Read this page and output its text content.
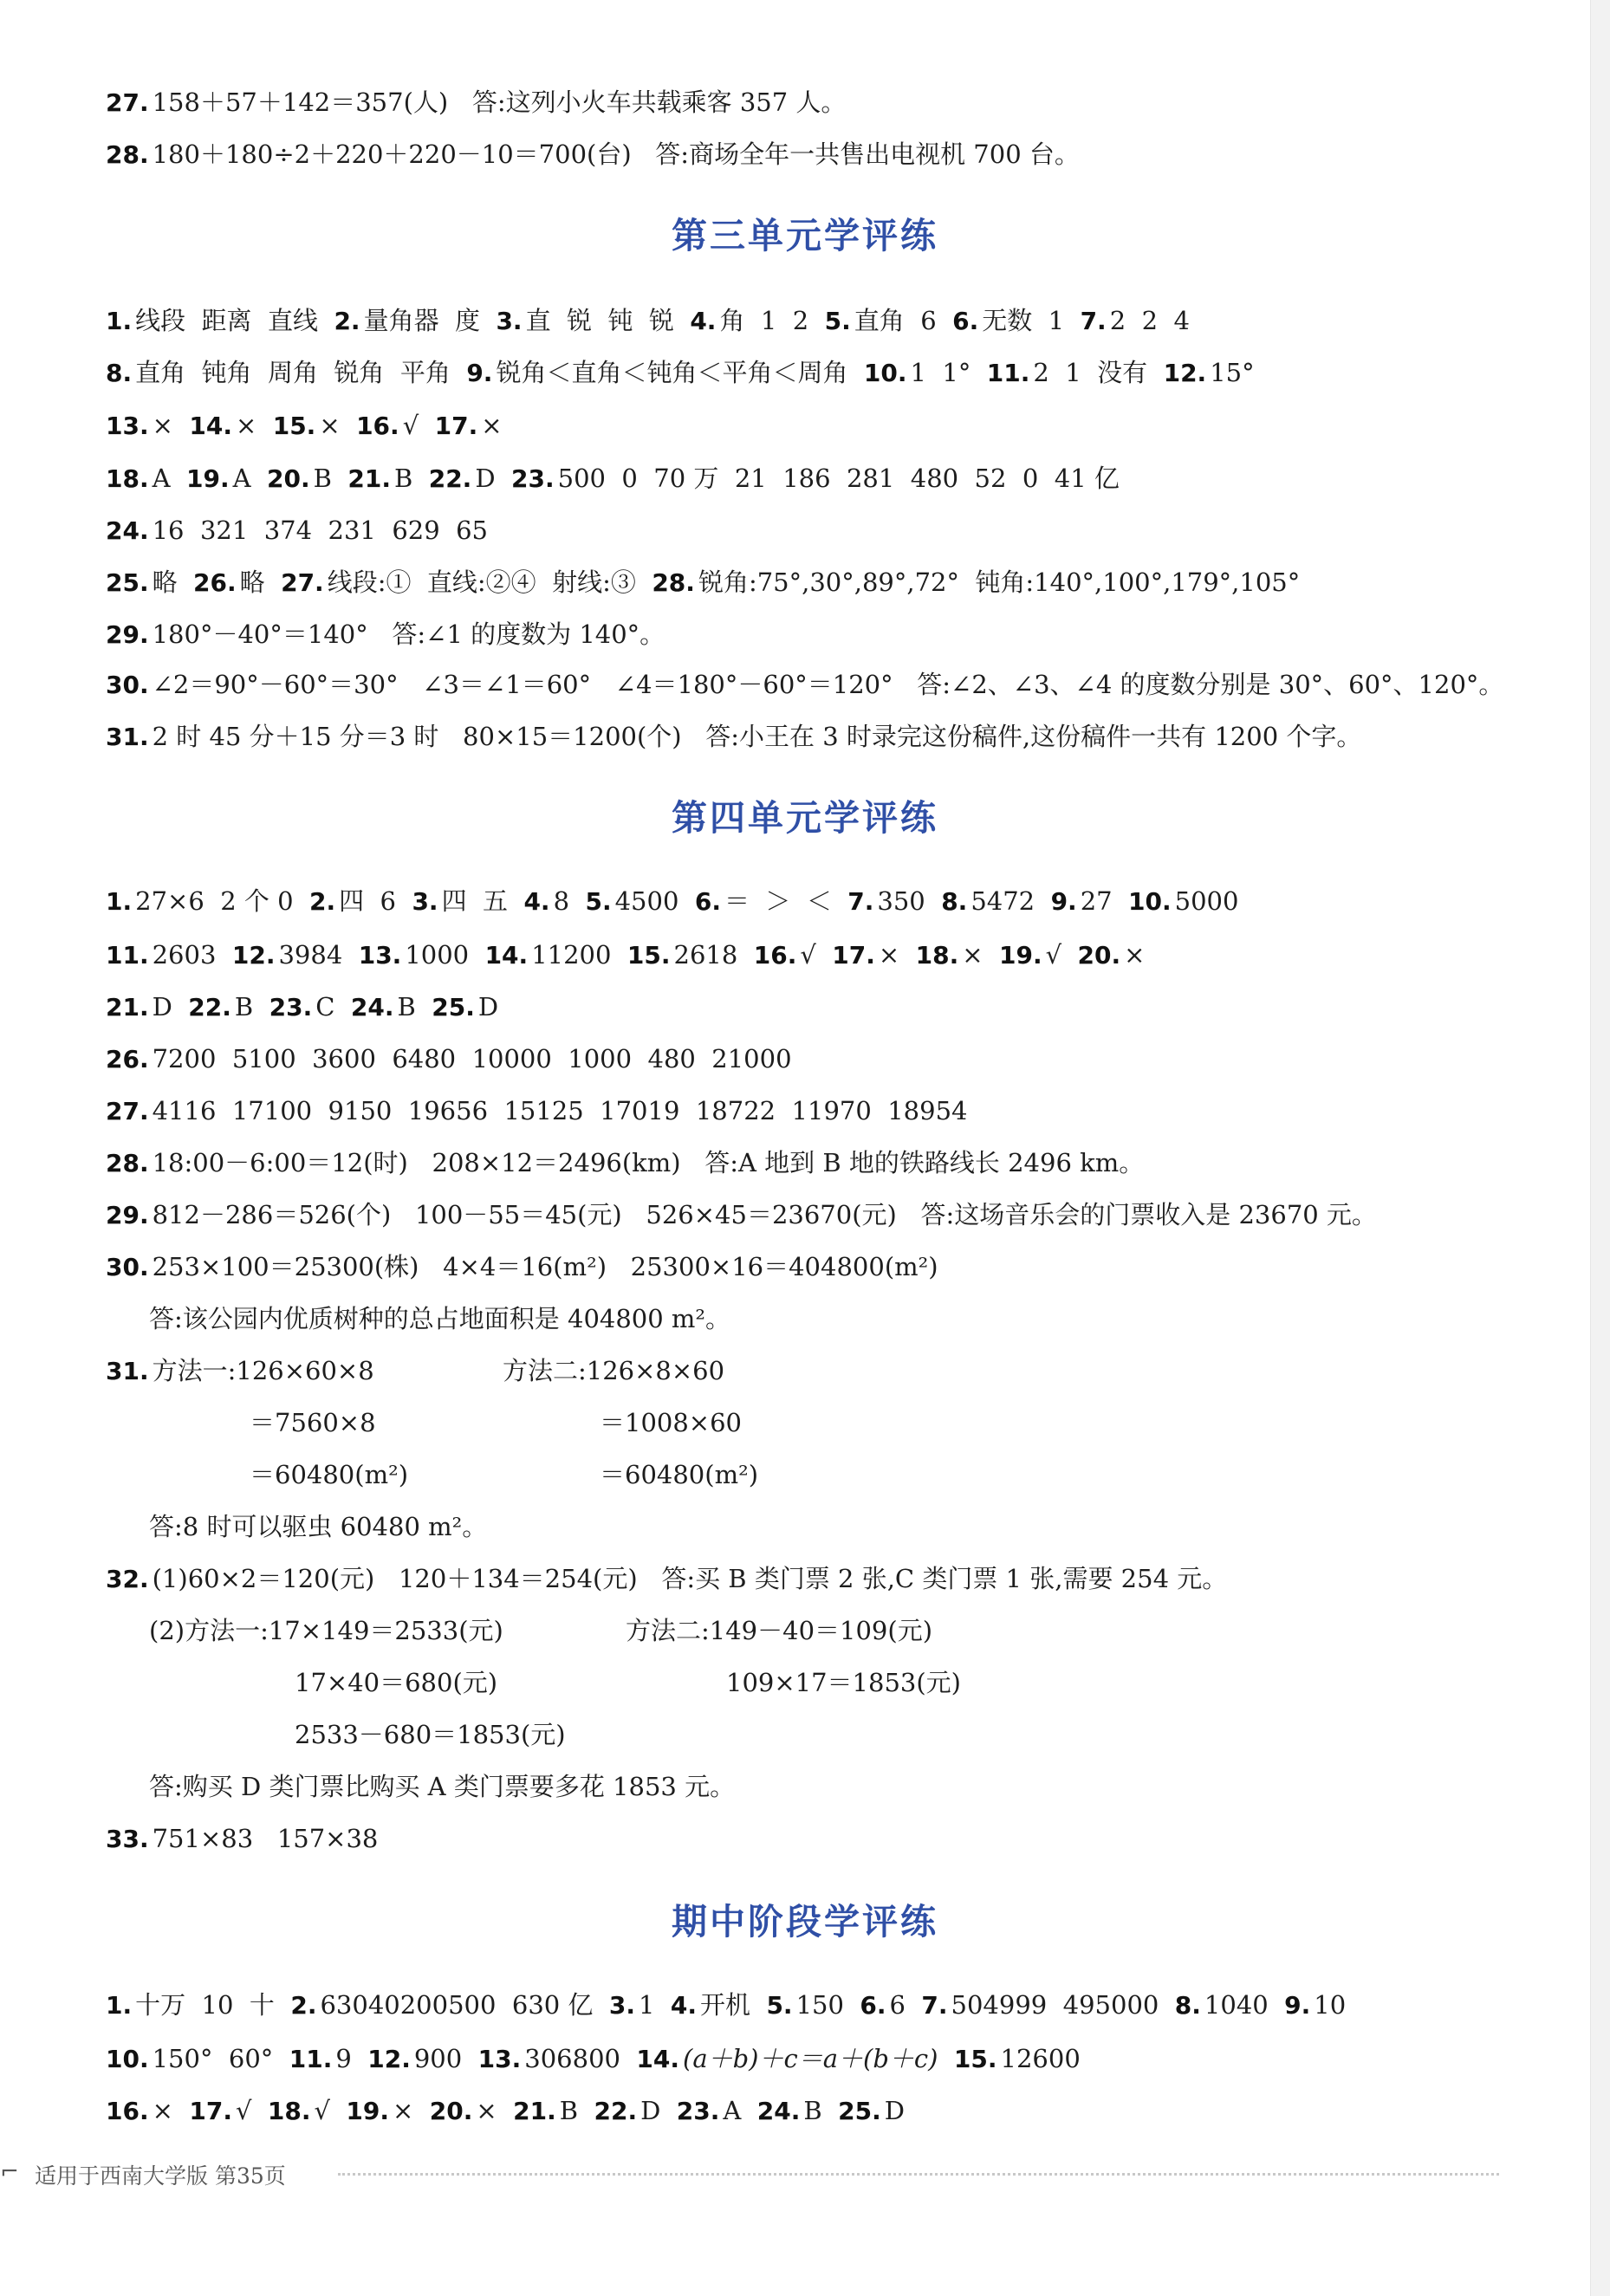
27. 158＋57＋142＝357(人)   答:这列小火车共载乘客 357 人。
28. 180＋180÷2＋220＋220－10＝700(台)   答:商场全年一共售出电视机 700 台。
第三单元学评练
1. 线段  距离  直线  2. 量角器  度  3. 直  锐  钝  锐  4. 角  1  2  5. 直角  6  6. 无数  1  7. 2  2  4
8. 直角  钝角  周角  锐角  平角  9. 锐角＜直角＜钝角＜平角＜周角  10. 1  1°  11. 2  1  没有  12. 15°
13. ×  14. ×  15. ×  16. √  17. ×
18. A  19. A  20. B  21. B  22. D  23. 500  0  70 万  21  186  281  480  52  0  41 亿
24. 16  321  374  231  629  65
25. 略  26. 略  27. 线段:①  直线:②④  射线:③  28. 锐角:75°,30°,89°,72°  钝角:140°,100°,179°,105°
29. 180°－40°＝140°   答:∠1 的度数为 140°。
30. ∠2＝90°－60°＝30°   ∠3＝∠1＝60°   ∠4＝180°－60°＝120°   答:∠2、∠3、∠4 的度数分别是 30°、60°、120°。
31. 2 时 45 分＋15 分＝3 时   80×15＝1200(个)   答:小王在 3 时录完这份稿件,这份稿件一共有 1200 个字。
第四单元学评练
1. 27×6  2 个 0  2. 四  6  3. 四  五  4. 8  5. 4500  6. ＝  ＞  ＜  7. 350  8. 5472  9. 27  10. 5000
11. 2603  12. 3984  13. 1000  14. 11200  15. 2618  16. √  17. ×  18. ×  19. √  20. ×
21. D  22. B  23. C  24. B  25. D
26. 7200  5100  3600  6480  10000  1000  480  21000
27. 4116  17100  9150  19656  15125  17019  18722  11970  18954
28. 18:00－6:00＝12(时)   208×12＝2496(km)   答:A 地到 B 地的铁路线长 2496 km。
29. 812－286＝526(个)   100－55＝45(元)   526×45＝23670(元)   答:这场音乐会的门票收入是 23670 元。
30. 253×100＝25300(株)   4×4＝16(m²)   25300×16＝404800(m²)
答:该公园内优质树种的总占地面积是 404800 m²。
31. 方法一:126×60×8	方法二:126×8×60
＝7560×8	＝1008×60
＝60480(m²)	＝60480(m²)
答:8 时可以驱虫 60480 m²。
32. (1)60×2＝120(元)   120＋134＝254(元)   答:买 B 类门票 2 张,C 类门票 1 张,需要 254 元。
(2)方法一:17×149＝2533(元)	方法二:149－40＝109(元)
17×40＝680(元)	109×17＝1853(元)
2533－680＝1853(元)
答:购买 D 类门票比购买 A 类门票要多花 1853 元。
33. 751×83   157×38
期中阶段学评练
1. 十万  10  十  2. 63040200500  630 亿  3. 1  4. 开机  5. 150  6. 6  7. 504999  495000  8. 1040  9. 10
10. 150°  60°  11. 9  12. 900  13. 306800  14. (a＋b)＋c＝a＋(b＋c)  15. 12600
16. ×  17. √  18. √  19. ×  20. ×  21. B  22. D  23. A  24. B  25. D
⌐ 适用于西南大学版 第35页
